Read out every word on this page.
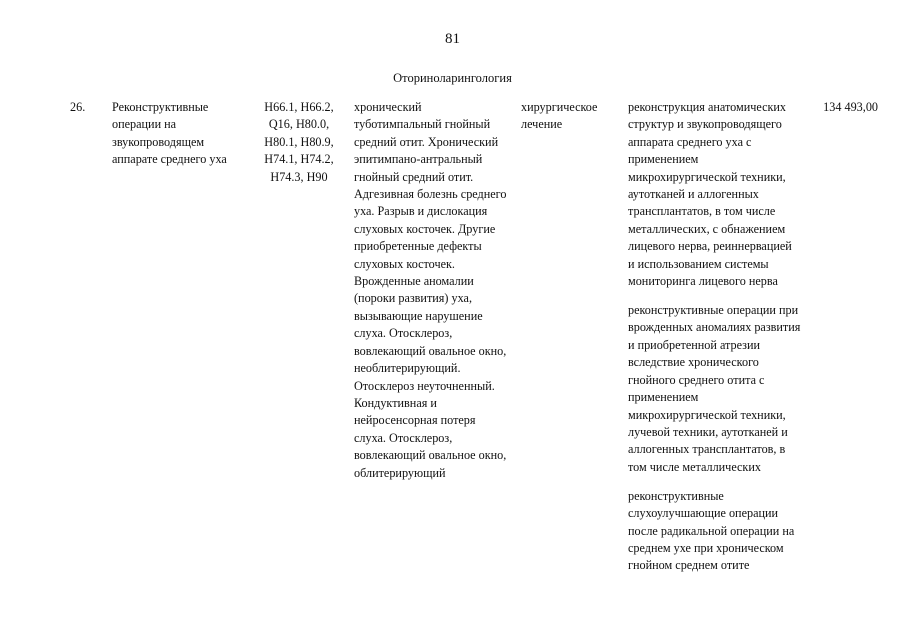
81
Оториноларингология
26.	Реконструктивные
операции на
звукопроводящем
аппарате среднего уха
H66.1, H66.2,
Q16, H80.0,
H80.1, H80.9,
H74.1, H74.2,
H74.3, H90
хронический
туботимпальный гнойный
средний отит. Хронический
эпитимпано-антральный
гнойный средний отит.
Адгезивная болезнь среднего
уха. Разрыв и дислокация
слуховых косточек. Другие
приобретенные дефекты
слуховых косточек.
Врожденные аномалии
(пороки развития) уха,
вызывающие нарушение
слуха. Отосклероз,
вовлекающий овальное окно,
необлитерирующий.
Отосклероз неуточненный.
Кондуктивная и
нейросенсорная потеря
слуха. Отосклероз,
вовлекающий овальное окно,
облитерирующий
хирургическое
лечение
реконструкция анатомических
структур и звукопроводящего
аппарата среднего уха с
применением
микрохирургической техники,
аутотканей и аллогенных
трансплантатов, в том числе
металлических, с обнажением
лицевого нерва, реиннервацией
и использованием системы
мониторинга лицевого нерва
реконструктивные операции при
врожденных аномалиях развития
и приобретенной атрезии
вследствие хронического
гнойного среднего отита с
применением
микрохирургической техники,
лучевой техники, аутотканей и
аллогенных трансплантатов, в
том числе металлических
реконструктивные
слухоулучшающие операции
после радикальной операции на
среднем ухе при хроническом
гнойном среднем отите
134 493,00
